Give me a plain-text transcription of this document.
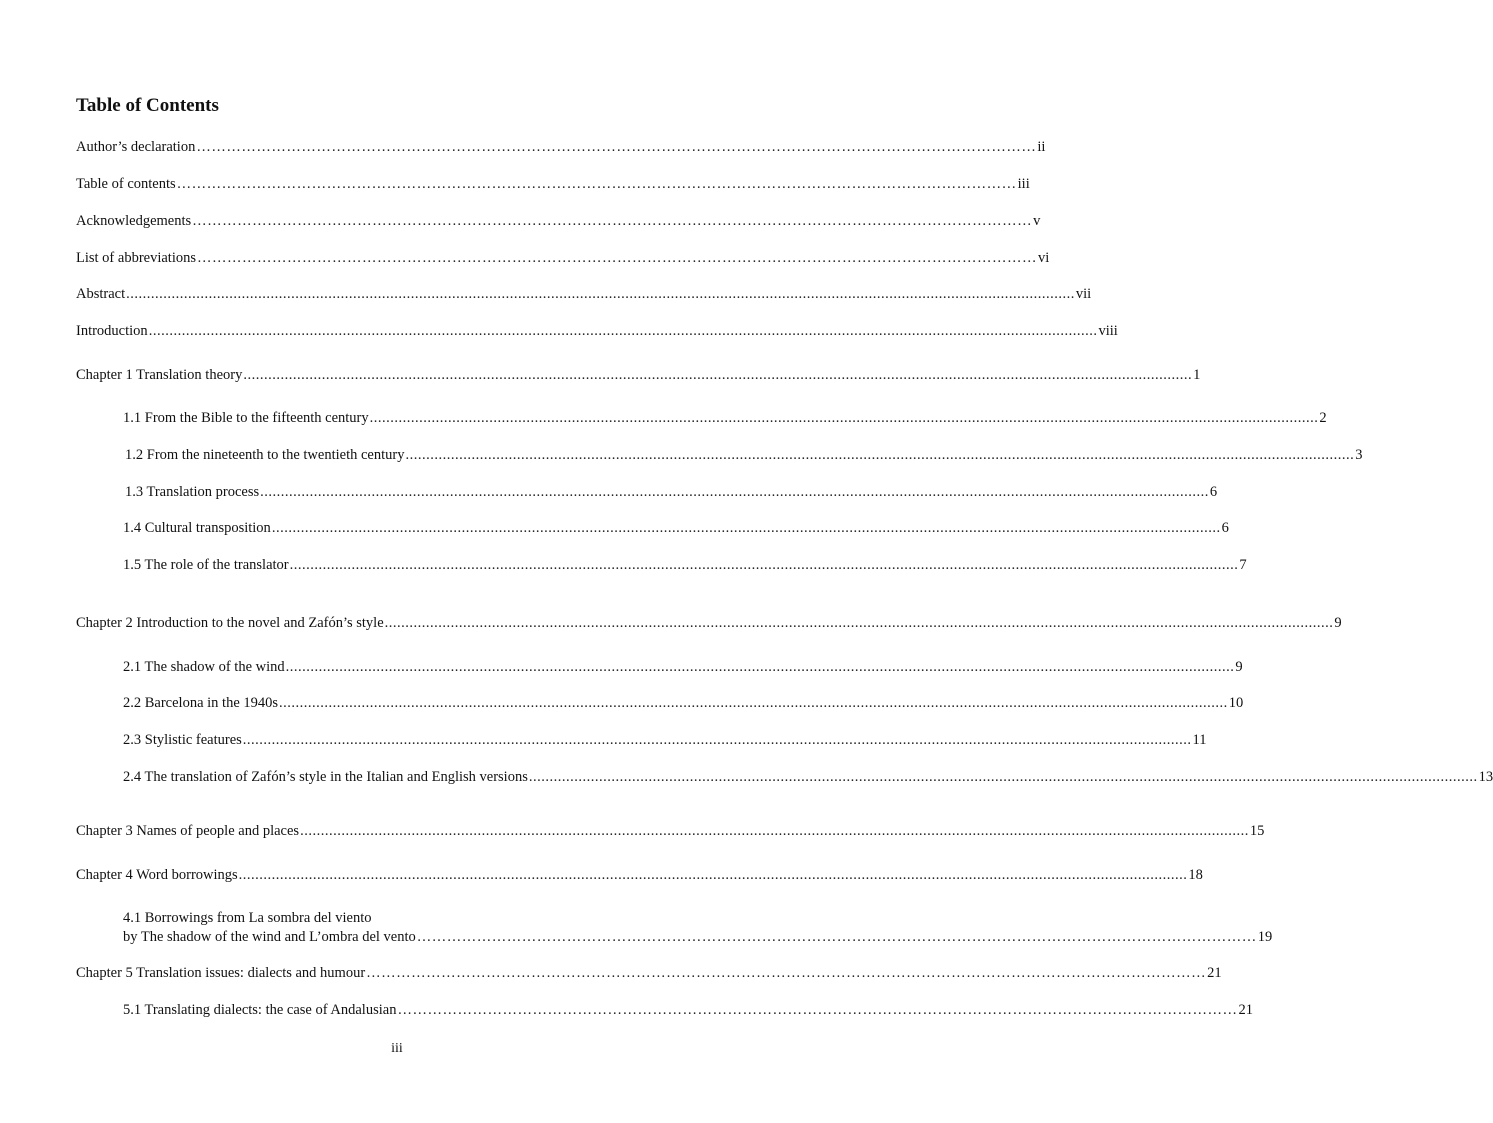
Table of Contents
Author’s declaration …………………………………………………………………………………………………………………………………………………… ii
Table of contents …………………………………………………………………………………………………………………………………………………… iii
Acknowledgements …………………………………………………………………………………………………………………………………………………… v
List of abbreviations …………………………………………………………………………………………………………………………………………………… vi
Abstract ...................................................................................................................................................................................................................................... vii
Introduction ...................................................................................................................................................................................................................................... viii
Chapter 1 Translation theory ...................................................................................................................................................................................................................................... 1
1.1 From the Bible to the fifteenth century ...................................................................................................................................................................................................................................... 2
1.2 From the nineteenth to the twentieth century ...................................................................................................................................................................................................................................... 3
1.3 Translation process ...................................................................................................................................................................................................................................... 6
1.4 Cultural transposition ...................................................................................................................................................................................................................................... 6
1.5 The role of the translator ...................................................................................................................................................................................................................................... 7
Chapter 2 Introduction to the novel and Zafón’s style ...................................................................................................................................................................................................................................... 9
2.1 The shadow of the wind ...................................................................................................................................................................................................................................... 9
2.2 Barcelona in the 1940s ...................................................................................................................................................................................................................................... 10
2.3 Stylistic features ...................................................................................................................................................................................................................................... 11
2.4 The translation of Zafón’s style in the Italian and English versions ...................................................................................................................................................................................................................................... 13
Chapter 3 Names of people and places ...................................................................................................................................................................................................................................... 15
Chapter 4 Word borrowings ...................................................................................................................................................................................................................................... 18
4.1 Borrowings from La sombra del viento
by The shadow of the wind and L’ombra del vento …………………………………………………………………………………………………………………………………………………… 19
Chapter 5 Translation issues: dialects and humour …………………………………………………………………………………………………………………………………………………… 21
5.1 Translating dialects: the case of Andalusian …………………………………………………………………………………………………………………………………………………… 21
iii
